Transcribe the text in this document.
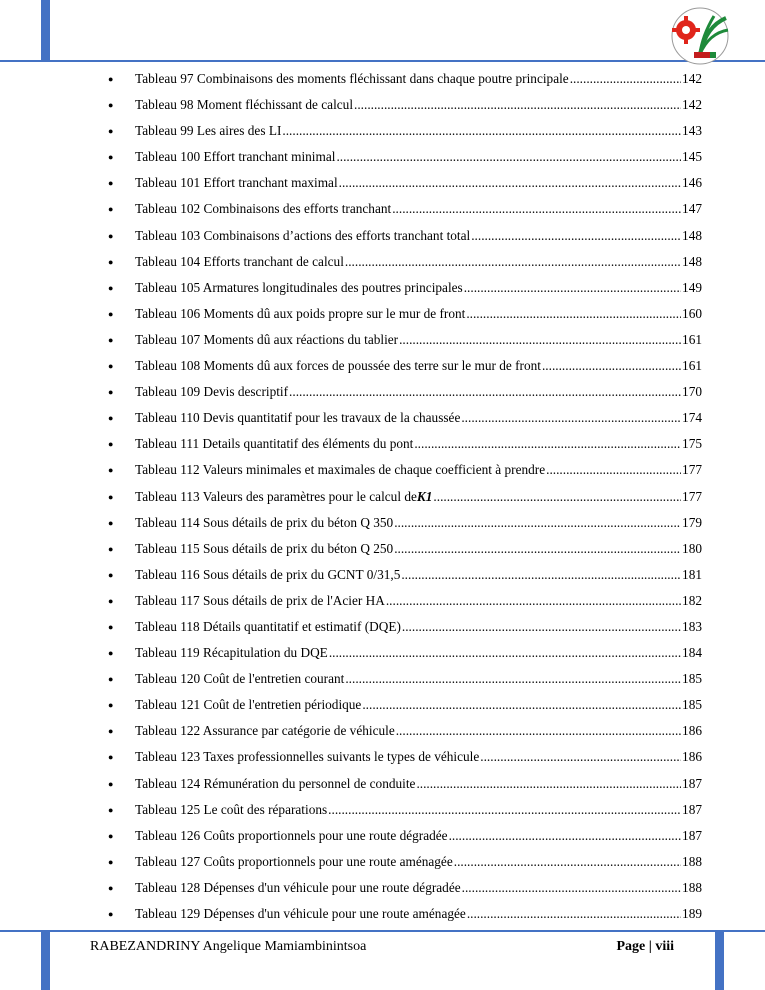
● Tableau 97 Combinaisons des moments fléchissant dans chaque poutre principale .....	142
● Tableau 98 Moment fléchissant de calcul .....	142
● Tableau 99 Les aires des LI .....	143
● Tableau 100 Effort tranchant minimal .....	145
● Tableau 101 Effort tranchant maximal .....	146
● Tableau 102 Combinaisons des efforts tranchant .....	147
● Tableau 103 Combinaisons d’actions des efforts tranchant total .....	148
● Tableau 104 Efforts tranchant de calcul .....	148
● Tableau 105 Armatures longitudinales des poutres principales .....	149
● Tableau 106 Moments dû aux poids propre sur le mur de front .....	160
● Tableau 107 Moments dû aux réactions du tablier .....	161
● Tableau 108 Moments dû aux forces de poussée des terre sur le mur de front .....	161
● Tableau 109 Devis descriptif .....	170
● Tableau 110 Devis quantitatif pour les travaux de la chaussée .....	174
● Tableau 111 Details quantitatif des éléments du pont .....	175
● Tableau 112 Valeurs minimales et maximales de chaque coefficient à prendre .....	177
● Tableau 113 Valeurs des paramètres pour le calcul de K1 .....	177
● Tableau 114 Sous détails de prix du béton Q 350 .....	179
● Tableau 115 Sous détails de prix du béton Q 250 .....	180
● Tableau 116 Sous détails de prix du GCNT 0/31,5 .....	181
● Tableau 117 Sous détails de prix de l'Acier HA .....	182
● Tableau 118 Détails quantitatif et estimatif (DQE) .....	183
● Tableau 119 Récapitulation du DQE .....	184
● Tableau 120 Coût de l'entretien courant .....	185
● Tableau 121 Coût de l'entretien périodique .....	185
● Tableau 122 Assurance par catégorie de véhicule .....	186
● Tableau 123 Taxes professionnelles suivants le types de véhicule .....	186
● Tableau 124 Rémunération du personnel de conduite .....	187
● Tableau 125 Le coût des réparations .....	187
● Tableau 126 Coûts proportionnels pour une route dégradée .....	187
● Tableau 127 Coûts proportionnels pour une route aménagée .....	188
● Tableau 128 Dépenses d'un véhicule pour une route dégradée .....	188
● Tableau 129 Dépenses d'un véhicule pour une route aménagée .....	189
RABEZANDRINY Angelique Mamiambinintsoa	Page | viii
